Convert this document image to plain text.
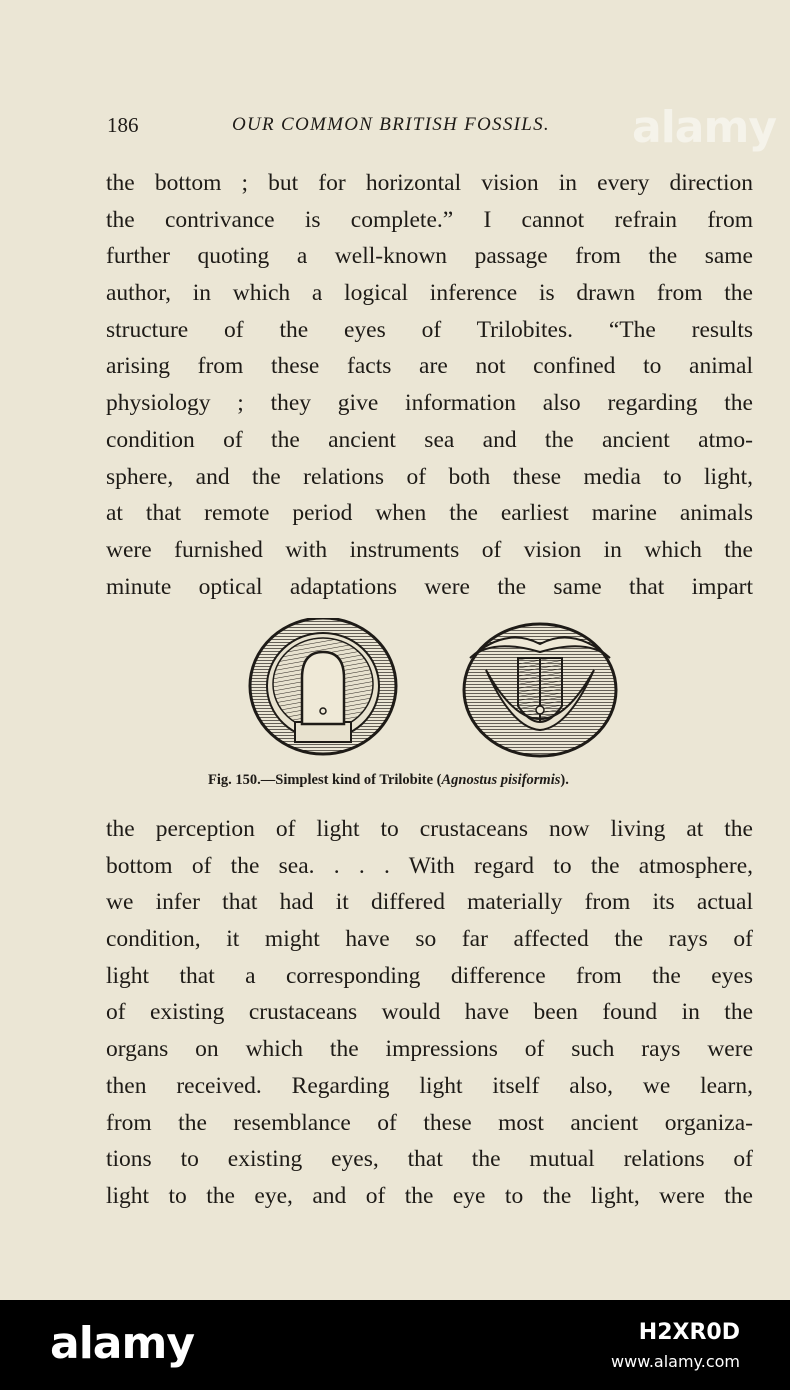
186	OUR COMMON BRITISH FOSSILS. alamy
the bottom ; but for horizontal vision in every direction
the contrivance is complete.” I cannot refrain from
further quoting a well-known passage from the same
author, in which a logical inference is drawn from the
structure of the eyes of Trilobites. “The results
arising from these facts are not confined to animal
physiology ; they give information also regarding the
condition of the ancient sea and the ancient atmo-
sphere, and the relations of both these media to light,
at that remote period when the earliest marine animals
were furnished with instruments of vision in which the
minute optical adaptations were the same that impart
Fig. 150.—Simplest kind of Trilobite (Agnostus pisiformis).
the perception of light to crustaceans now living at the
bottom of the sea. . . . With regard to the atmosphere,
we infer that had it differed materially from its actual
condition, it might have so far affected the rays of
light that a corresponding difference from the eyes
of existing crustaceans would have been found in the
organs on which the impressions of such rays were
then received. Regarding light itself also, we learn,
from the resemblance of these most ancient organiza-
tions to existing eyes, that the mutual relations of
light to the eye, and of the eye to the light, were the
alamy	H2XR0D
www.alamy.com
